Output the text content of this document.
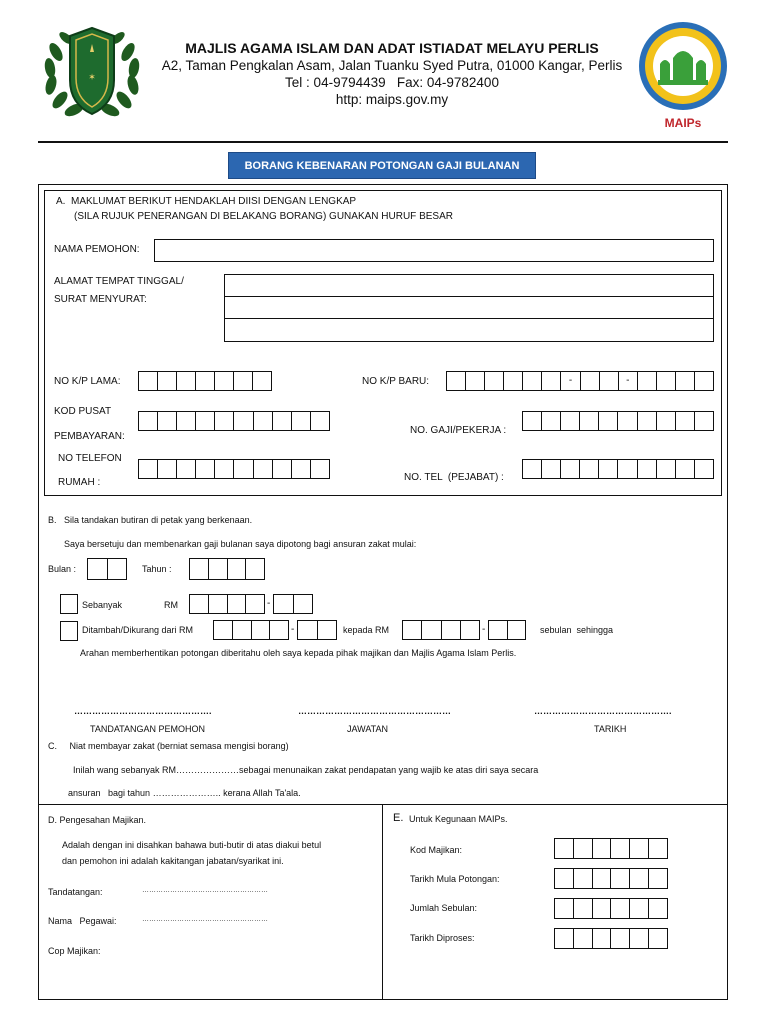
✶
MAJLIS AGAMA ISLAM DAN ADAT ISTIADAT MELAYU PERLIS
A2, Taman Pengkalan Asam, Jalan Tuanku Syed Putra, 01000 Kangar, Perlis
Tel : 04-9794439   Fax: 04-9782400
http: maips.gov.my
MAIPs
BORANG KEBENARAN POTONGAN GAJI BULANAN
A.  MAKLUMAT BERIKUT HENDAKLAH DIISI DENGAN LENGKAP
(SILA RUJUK PENERANGAN DI BELAKANG BORANG) GUNAKAN HURUF BESAR
NAMA PEMOHON:
ALAMAT TEMPAT TINGGAL/
SURAT MENYURAT:
NO K/P LAMA:	NO K/P BARU:	-	-
KOD PUSAT
PEMBAYARAN:
NO. GAJI/PEKERJA :
NO TELEFON
RUMAH :	NO. TEL  (PEJABAT) :
B.   Sila tandakan butiran di petak yang berkenaan.
Saya bersetuju dan membenarkan gaji bulanan saya dipotong bagi ansuran zakat mulai:
Bulan :	Tahun :
Sebanyak	RM	-
Ditambah/Dikurang dari RM	-	kepada RM	-	sebulan  sehingga
Arahan memberhentikan potongan diberitahu oleh saya kepada pihak majikan dan Majlis Agama Islam Perlis.
……………………………………….	……………………………………………	……………………………………….
TANDATANGAN PEMOHON	JAWATAN	TARIKH
C.     Niat membayar zakat (berniat semasa mengisi borang)
Inilah wang sebanyak RM…………………sebagai menunaikan zakat pendapatan yang wajib ke atas diri saya secara
ansuran   bagi tahun ………………….. kerana Allah Ta'ala.
D. Pengesahan Majikan.
Adalah dengan ini disahkan bahawa buti-butir di atas diakui betul
dan pemohon ini adalah kakitangan jabatan/syarikat ini.
Tandatangan:	………………………………………………
Nama   Pegawai:	………………………………………………
Cop Majikan:
E. Untuk Kegunaan MAIPs.
Kod Majikan:
Tarikh Mula Potongan:
Jumlah Sebulan:
Tarikh Diproses:
